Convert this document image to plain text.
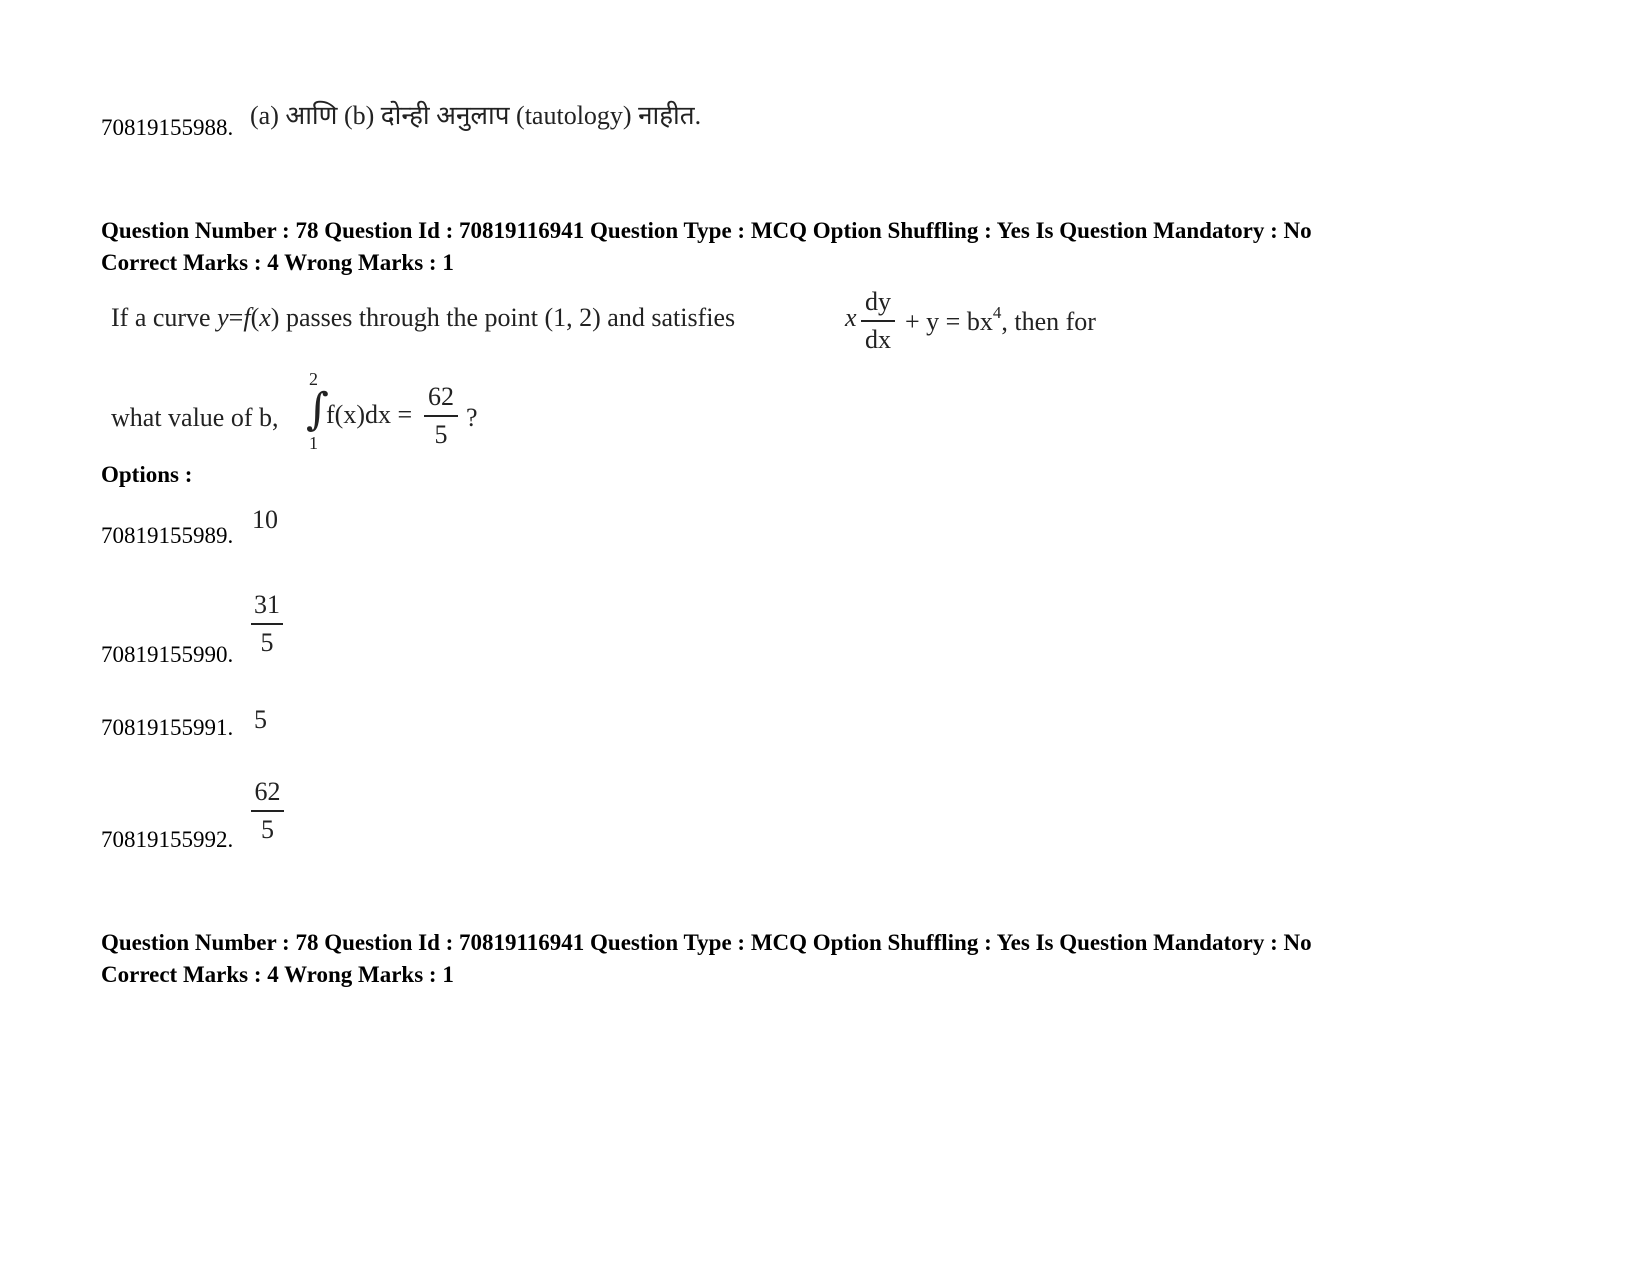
70819155988. (a) आणि (b) दोन्ही अनुलाप (tautology) नाहीत.
Question Number : 78 Question Id : 70819116941 Question Type : MCQ Option Shuffling : Yes Is Question Mandatory : No
Correct Marks : 4 Wrong Marks : 1
If a curve y=f(x) passes through the point (1, 2) and satisfies	x
dy
dx
+ $y = bx^4$, then for
what value of b,
2
∫
1
f(x)dx =
62
5
?
Options :
70819155989.
10
70819155990.
31
5
70819155991. 5
70819155992.
62
5
Question Number : 78 Question Id : 70819116941 Question Type : MCQ Option Shuffling : Yes Is Question Mandatory : No
Correct Marks : 4 Wrong Marks : 1
